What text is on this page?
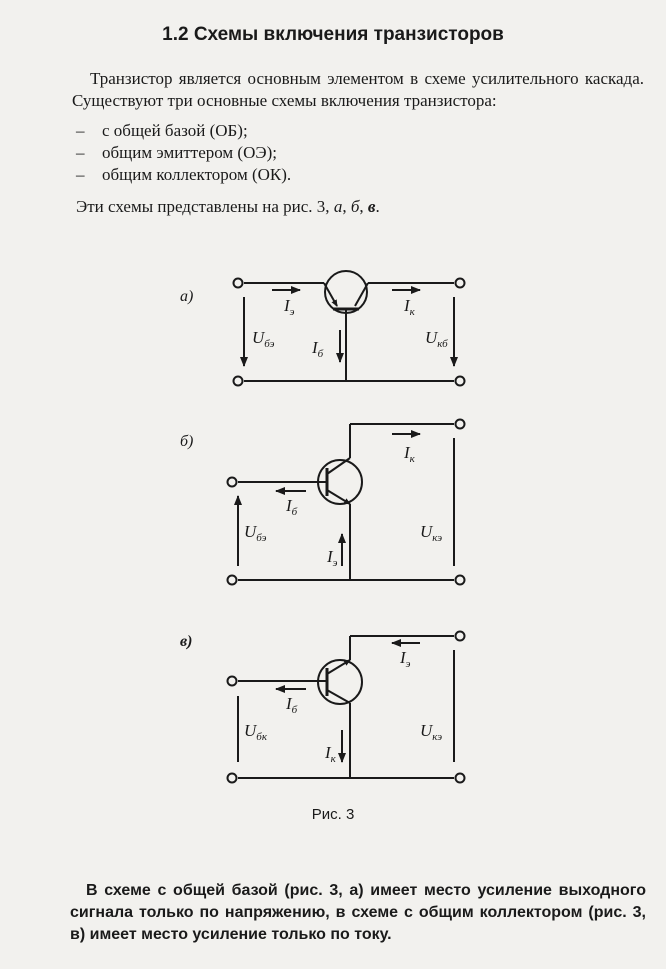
1.2 Схемы включения транзисторов
Транзистор является основным элементом в схеме усилительного каскада. Существуют три основные схемы включения транзистора:
– с общей базой (ОБ);
– общим эмиттером (ОЭ);
– общим коллектором (ОК).
Эти схемы представлены на рис. 3, а, б, в.
а)	$I_э$	$I_к$
$I_б$
$U_{бэ}$	$U_{кб}$
б)
$I_к$
$I_б$
$I_э$
$U_{бэ}$	$U_{кэ}$
в)
$I_э$
$I_б$
$I_к$
$U_{бк}$	$U_{кэ}$
Рис. 3
В схеме с общей базой (рис. 3, а) имеет место усиление выходного сигнала только по напряжению, в схеме с общим коллектором (рис. 3, в) имеет место усиление только по току.
